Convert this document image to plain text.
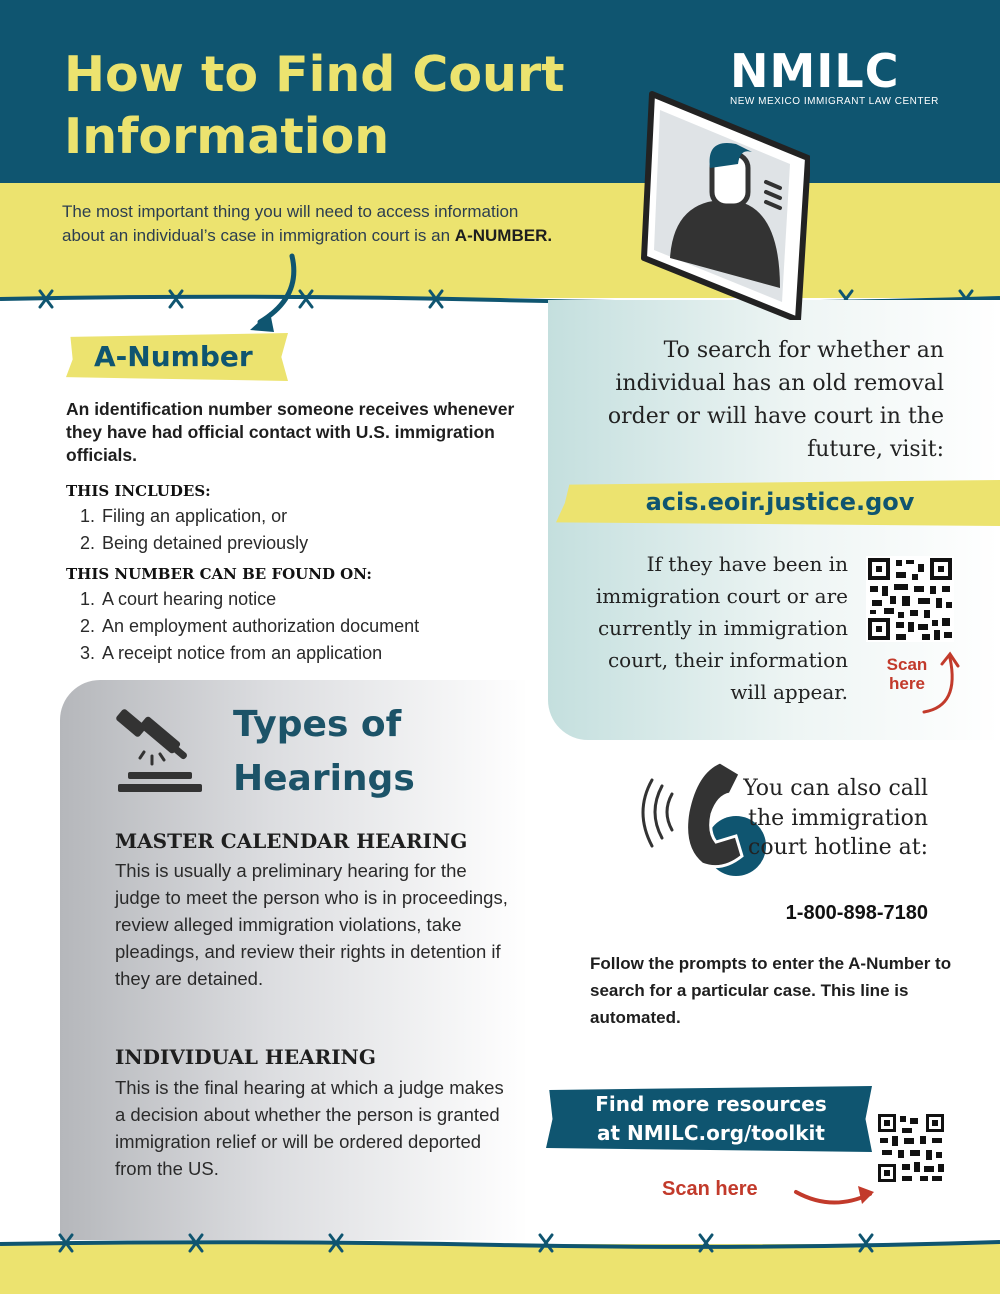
How to Find Court
Information
NMILC
NEW MEXICO IMMIGRANT LAW CENTER
The most important thing you will need to access information about an individual’s case in immigration court is an A-NUMBER.
To search for whether an individual has an old removal order or will have court in the future, visit:
acis.eoir.justice.gov
If they have been in immigration court or are currently in immigration court, their information will appear.
Scan
here
A-Number
An identification number someone receives whenever they have had official contact with U.S. immigration officials.
THIS INCLUDES:
1. Filing an application, or
2. Being detained previously
THIS NUMBER CAN BE FOUND ON:
1. A court hearing notice
2. An employment authorization document
3. A receipt notice from an application
Types of
Hearings
MASTER CALENDAR HEARING
This is usually a preliminary hearing for the judge to meet the person who is in proceedings, review alleged immigration violations, take pleadings, and review their rights in detention if they are detained.
INDIVIDUAL HEARING
This is the final hearing at which a judge makes a decision about whether the person is granted immigration relief or will be ordered deported from the US.
You can also call the immigration court hotline at:
1-800-898-7180
Follow the prompts to enter the A-Number to search for a particular case. This line is automated.
Find more resources
at NMILC.org/toolkit
Scan here
